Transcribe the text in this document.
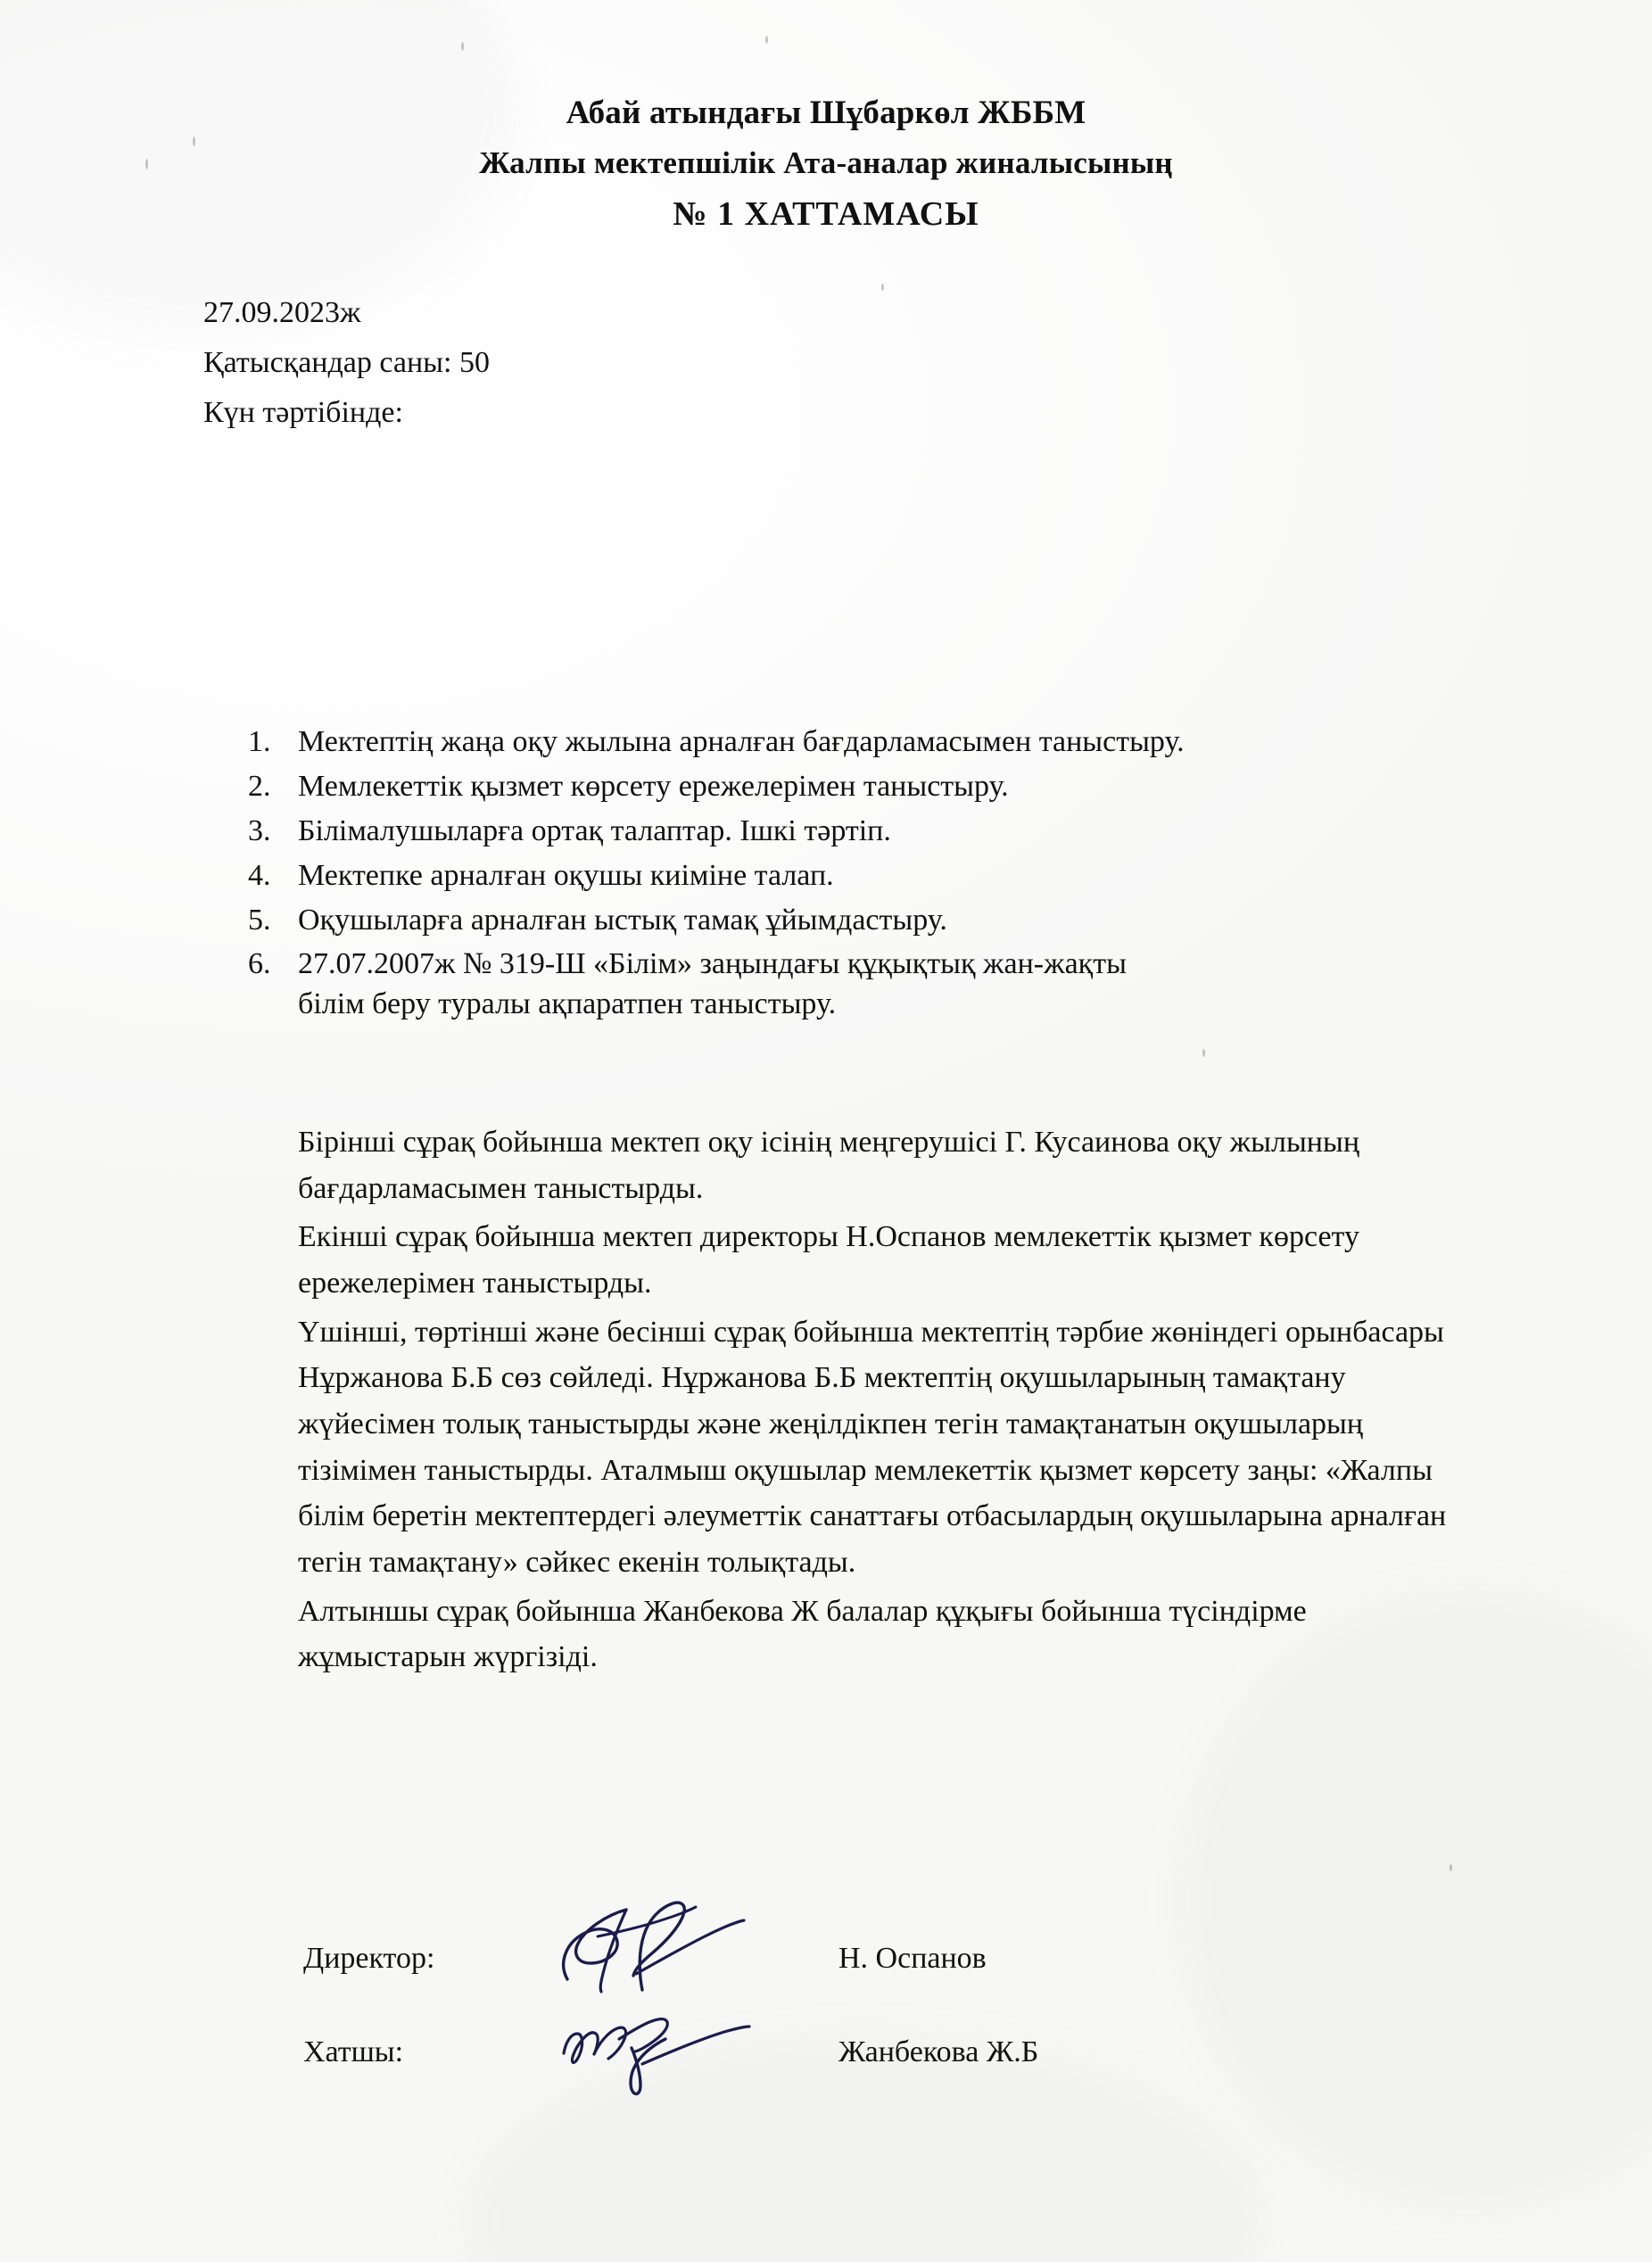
Абай атындағы Шұбаркөл ЖББМ
Жалпы мектепшілік Ата-аналар жиналысының
№ 1 ХАТТАМАСЫ
27.09.2023ж
Қатысқандар саны: 50
Күн тәртібінде:
1. Мектептің жаңа оқу жылына арналған бағдарламасымен таныстыру.
2. Мемлекеттік қызмет көрсету ережелерімен таныстыру.
3. Білімалушыларға ортақ талаптар. Ішкі тәртіп.
4. Мектепке арналған оқушы киіміне талап.
5. Оқушыларға арналған ыстық тамақ ұйымдастыру.
6. 27.07.2007ж № 319-Ш «Білім» заңындағы құқықтық жан-жақты
білім беру туралы ақпаратпен таныстыру.

Бірінші сұрақ бойынша мектеп оқу ісінің меңгерушісі Г. Кусаинова оқу жылының бағдарламасымен таныстырды.

Екінші сұрақ бойынша мектеп директоры Н.Оспанов мемлекеттік қызмет көрсету ережелерімен таныстырды.

Үшінші, төртінші және бесінші сұрақ бойынша мектептің тәрбие жөніндегі орынбасары Нұржанова Б.Б сөз сөйледі. Нұржанова Б.Б мектептің оқушыларының тамақтану жүйесімен толық таныстырды және жеңілдікпен тегін тамақтанатын оқушыларың тізімімен таныстырды. Аталмыш оқушылар мемлекеттік қызмет көрсету заңы: «Жалпы білім беретін мектептердегі әлеуметтік санаттағы отбасылардың оқушыларына арналған тегін тамақтану» сәйкес екенін толықтады.

Алтыншы сұрақ бойынша Жанбекова Ж балалар құқығы бойынша түсіндірме жұмыстарын жүргізіді.

Директор:	Н. Оспанов
Хатшы:	Жанбекова Ж.Б
